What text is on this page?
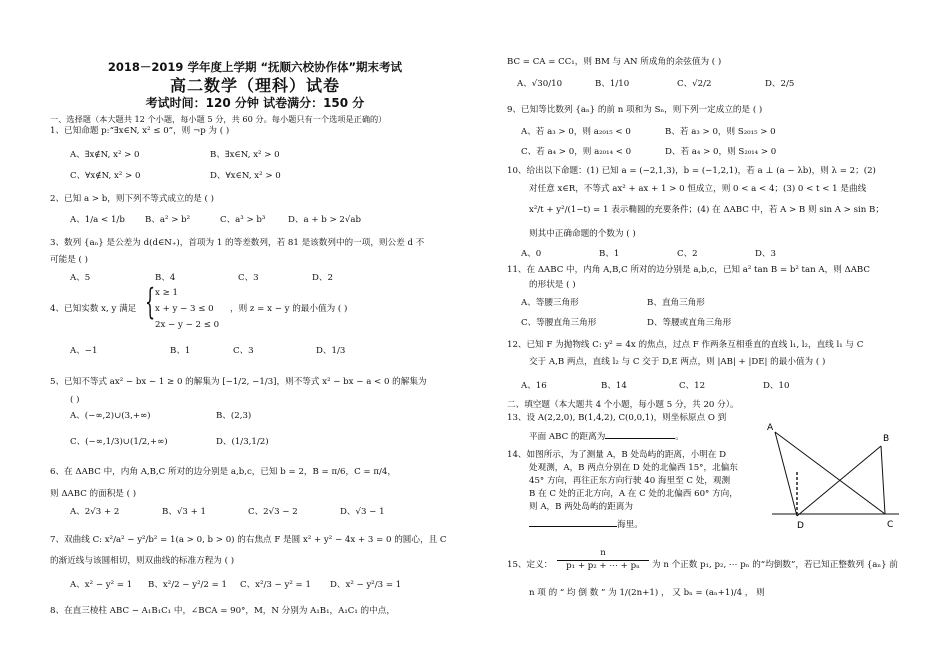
2018－2019 学年度上学期 “抚顺六校协作体”期末考试
高二数学（理科）试卷
考试时间：120 分钟 试卷满分：150 分
一、选择题（本大题共 12 个小题，每小题 5 分，共 60 分。每小题只有一个选项是正确的）
1、已知命题 p:“∃x∈N, x² ≤ 0”，则 ¬p 为 ( )
A、∃x∉N, x² > 0	B、∃x∈N, x² > 0
C、∀x∉N, x² > 0	D、∀x∈N, x² > 0
2、已知 a > b，则下列不等式成立的是 ( )
A、1/a < 1/b B、a² > b²	C、a³ > b³	D、a + b > 2√ab
3、数列 {aₙ} 是公差为 d(d∈N₊)，首项为 1 的等差数列，若 81 是该数列中的一项，则公差 d 不
可能是 ( )
A、5	B、4	C、3	D、2
4、已知实数 x, y 满足 { x ≥ 1
x + y − 3 ≤ 0
2x − y − 2 ≤ 0
，则 z = x − y 的最小值为 ( )
A、−1	B、1	C、3	D、1/3
5、已知不等式 ax² − bx − 1 ≥ 0 的解集为 [−1/2, −1/3]，则不等式 x² − bx − a < 0 的解集为
( )
A、(−∞,2)∪(3,+∞)	B、(2,3)
C、(−∞,1/3)∪(1/2,+∞)	D、(1/3,1/2)
6、在 ΔABC 中，内角 A,B,C 所对的边分别是 a,b,c，已知 b = 2，B = π/6，C = π/4，
则 ΔABC 的面积是 ( )
A、2√3 + 2	B、√3 + 1	C、2√3 − 2	D、√3 − 1
7、双曲线 C: x²/a² − y²/b² = 1(a > 0, b > 0) 的右焦点 F 是圆 x² + y² − 4x + 3 = 0 的圆心，且 C
的渐近线与该圆相切，则双曲线的标准方程为 ( )
A、x² − y² = 1 B、x²/2 − y²/2 = 1 C、x²/3 − y² = 1 D、x² − y²/3 = 1
8、在直三棱柱 ABC − A₁B₁C₁ 中，∠BCA = 90°，M，N 分别为 A₁B₁，A₁C₁ 的中点，
BC = CA = CC₁，则 BM 与 AN 所成角的余弦值为 ( )
A、√30/10	B、1/10	C、√2/2	D、2/5
9、已知等比数列 {aₙ} 的前 n 项和为 Sₙ，则下列一定成立的是 ( )
A、若 a₃ > 0，则 a₂₀₁₅ < 0	B、若 a₃ > 0，则 S₂₀₁₅ > 0
C、若 a₄ > 0，则 a₂₀₁₄ < 0	D、若 a₄ > 0，则 S₂₀₁₄ > 0
10、给出以下命题：(1) 已知 a = (−2,1,3)，b = (−1,2,1)，若 a ⊥ (a − λb)，则 λ = 2；(2)
对任意 x∈R，不等式 ax² + ax + 1 > 0 恒成立，则 0 < a < 4；(3) 0 < t < 1 是曲线
x²/t + y²/(1−t) = 1 表示椭圆的充要条件；(4) 在 ΔABC 中，若 A > B 则 sin A > sin B；
则其中正确命题的个数为 ( )
A、0	B、1	C、2	D、3
11、在 ΔABC 中，内角 A,B,C 所对的边分别是 a,b,c，已知 a² tan B = b² tan A，则 ΔABC
的形状是 ( )
A、等腰三角形	B、直角三角形
C、等腰直角三角形	D、等腰或直角三角形
12、已知 F 为抛物线 C: y² = 4x 的焦点，过点 F 作两条互相垂直的直线 l₁, l₂，直线 l₁ 与 C
交于 A,B 两点，直线 l₂ 与 C 交于 D,E 两点，则 |AB| + |DE| 的最小值为 ( )
A、16	B、14	C、12	D、10
二、填空题（本大题共 4 个小题，每小题 5 分，共 20 分）。
13、设 A(2,2,0), B(1,4,2), C(0,0,1)，则坐标原点 O 到
平面 ABC 的距离为	。
14、如图所示，为了测量 A，B 处岛屿的距离，小明在 D
处观测，A，B 两点分别在 D 处的北偏西 15°，北偏东
45° 方向，再往正东方向行驶 40 海里至 C 处，观测
B 在 C 处的正北方向，A 在 C 处的北偏西 60° 方向，
则 A，B 两处岛屿的距离为
海里。
A
B
C
D
15、定义： $\frac{n}{\text{p₁ + p₂ + ⋯ + pₙ}}$ 为 n 个正数 p₁, p₂, ⋯ pₙ 的“均倒数”，若已知正整数列 {aₙ} 前
n 项 的 “ 均 倒 数 ” 为 1/(2n+1) ， 又 bₙ = (aₙ+1)/4 ， 则
